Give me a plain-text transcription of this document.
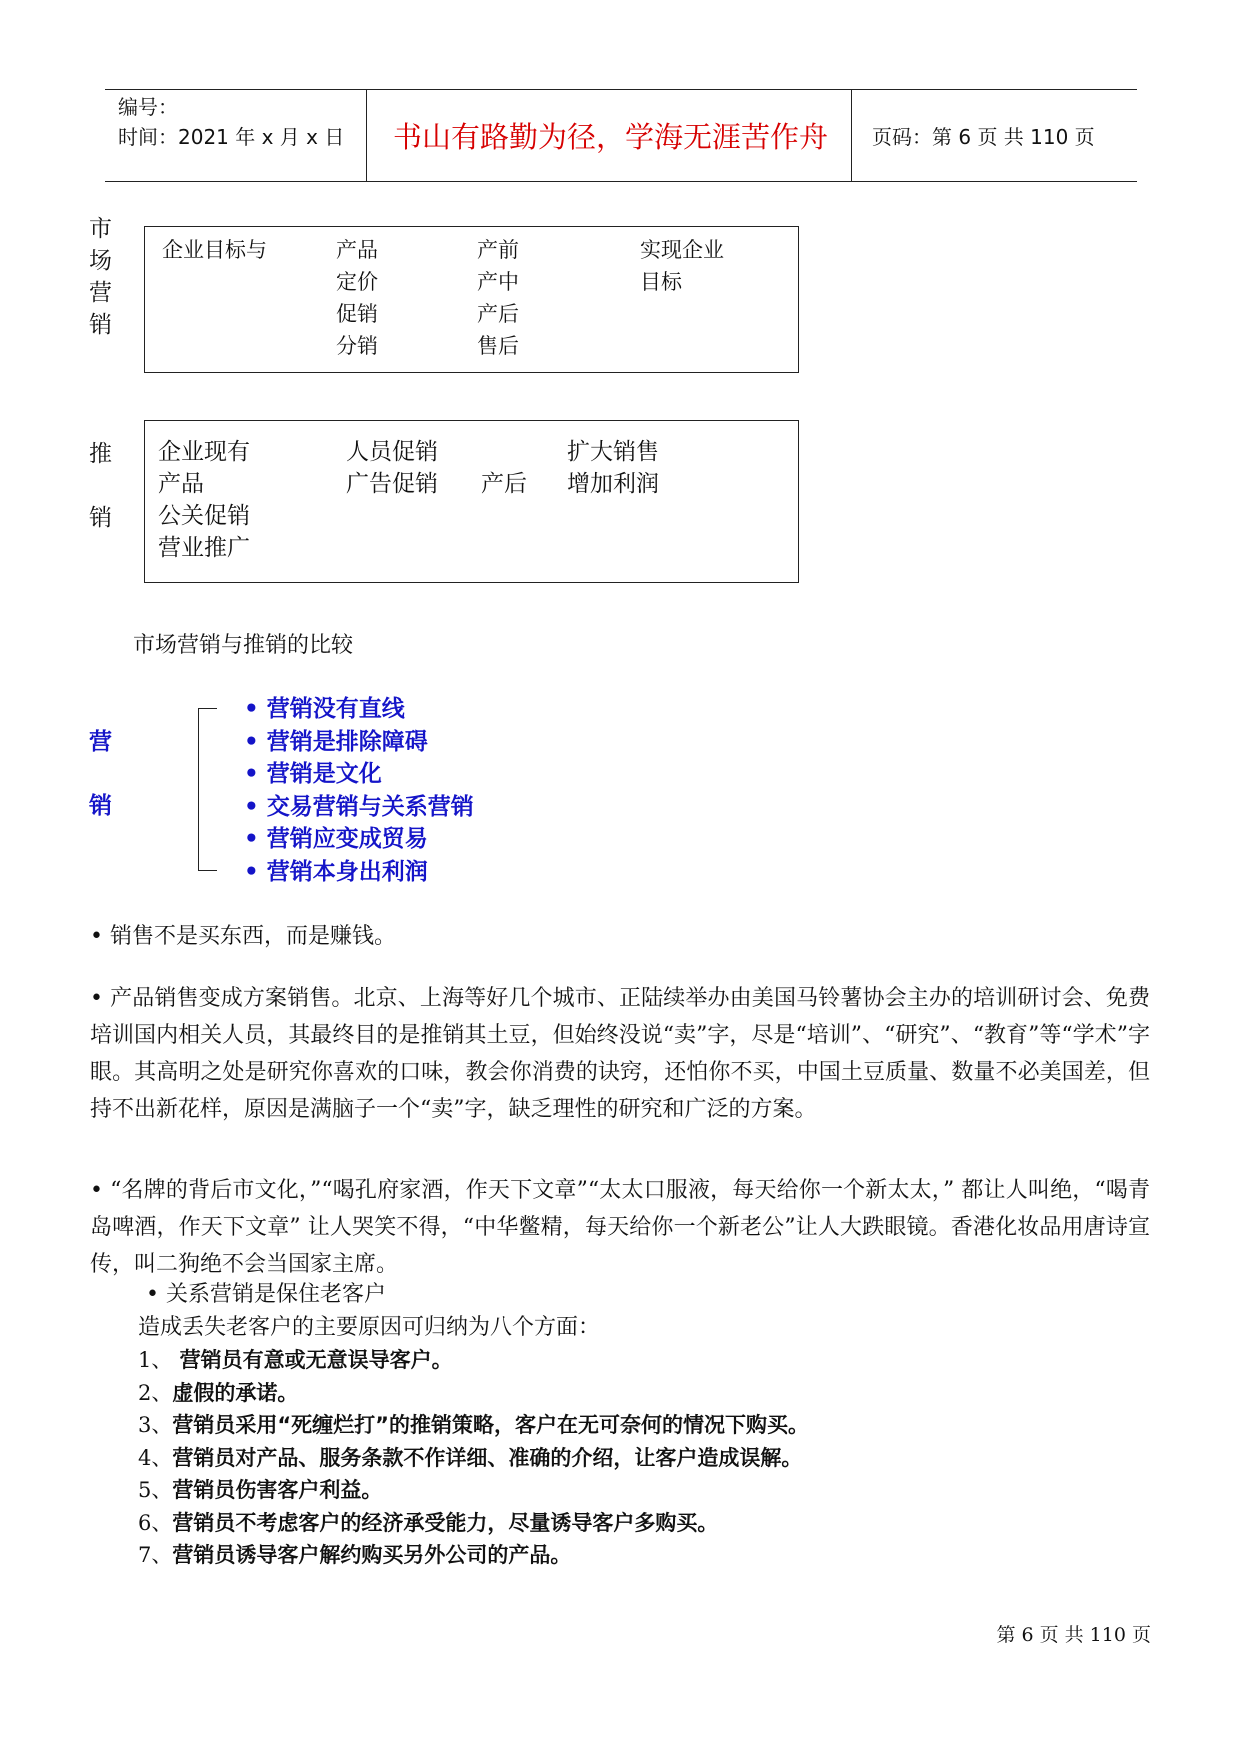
编号：
时间：2021 年 x 月 x 日 书山有路勤为径，学海无涯苦作舟 页码：第 6 页 共 110 页
市
场
营
销
企业目标与	产品
定价
促销
分销
产前
产中
产后
售后
实现企业
目标
推
销
企业现有
产品
公关促销
营业推广
人员促销
广告促销 产后
扩大销售
增加利润
市场营销与推销的比较
营
销
• 营销没有直线
• 营销是排除障碍
• 营销是文化
• 交易营销与关系营销
• 营销应变成贸易
• 营销本身出利润
• 销售不是买东西，而是赚钱。
• 产品销售变成方案销售。北京、上海等好几个城市、正陆续举办由美国马铃薯协会主办的培训研讨会、免费培训国内相关人员，其最终目的是推销其土豆，但始终没说“卖”字，尽是“培训”、“研究”、“教育”等“学术”字眼。其高明之处是研究你喜欢的口味，教会你消费的诀窍，还怕你不买，中国土豆质量、数量不必美国差，但持不出新花样，原因是满脑子一个“卖”字，缺乏理性的研究和广泛的方案。
• “名牌的背后市文化，”“喝孔府家酒，作天下文章”“太太口服液，每天给你一个新太太，” 都让人叫绝，“喝青岛啤酒，作天下文章” 让人哭笑不得，“中华鳖精，每天给你一个新老公”让人大跌眼镜。香港化妆品用唐诗宣传，叫二狗绝不会当国家主席。
• 关系营销是保住老客户
造成丢失老客户的主要原因可归纳为八个方面：
1、 营销员有意或无意误导客户。
2、虚假的承诺。
3、营销员采用“死缠烂打”的推销策略，客户在无可奈何的情况下购买。
4、营销员对产品、服务条款不作详细、准确的介绍，让客户造成误解。
5、营销员伤害客户利益。
6、营销员不考虑客户的经济承受能力，尽量诱导客户多购买。
7、营销员诱导客户解约购买另外公司的产品。
第 6 页 共 110 页
